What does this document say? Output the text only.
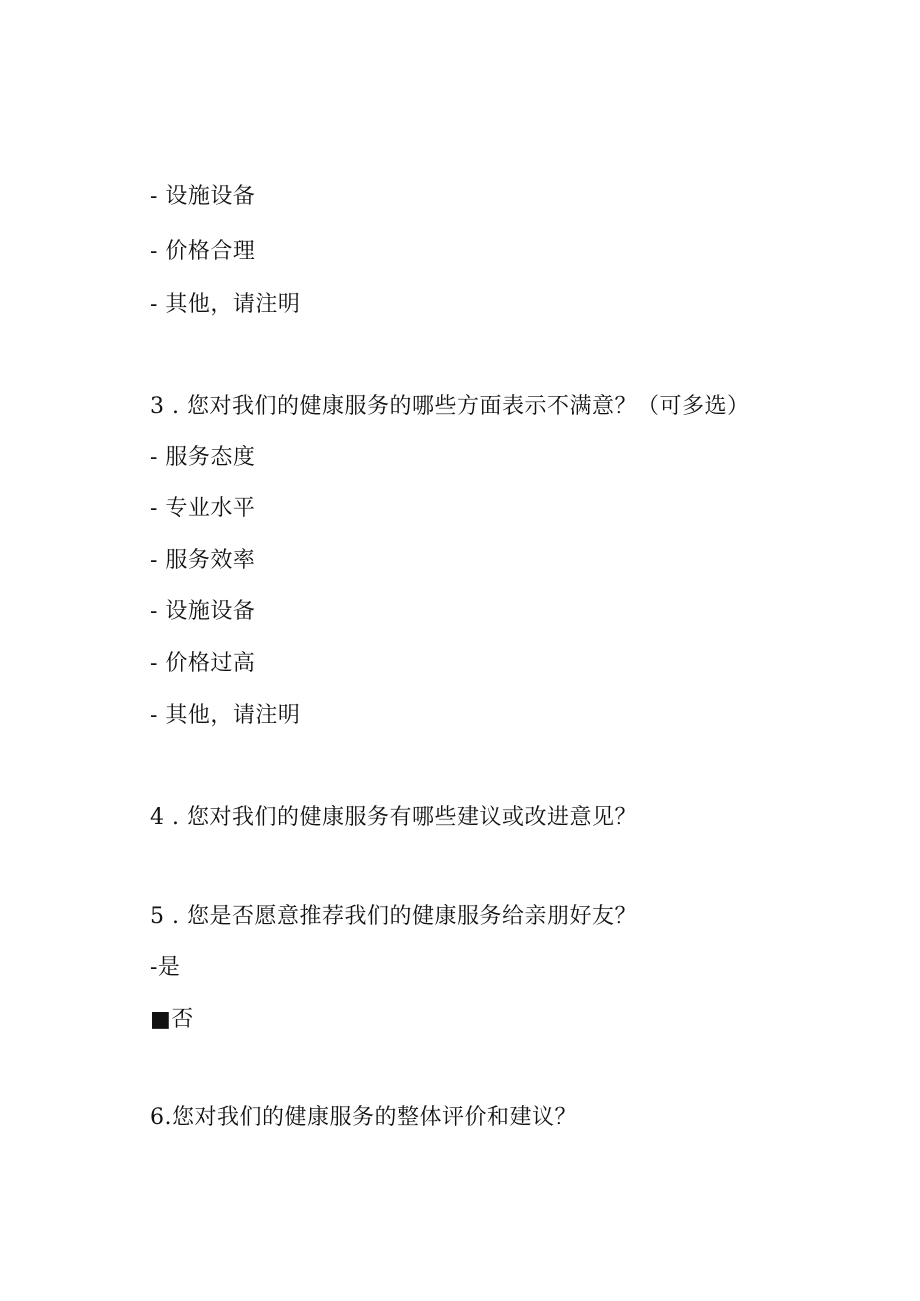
- 设施设备
- 价格合理
- 其他，请注明
3 . 您对我们的健康服务的哪些方面表示不满意？（可多选）
- 服务态度
- 专业水平
- 服务效率
- 设施设备
- 价格过高
- 其他，请注明
4 . 您对我们的健康服务有哪些建议或改进意见？
5 . 您是否愿意推荐我们的健康服务给亲朋好友？
-是
■否
6.您对我们的健康服务的整体评价和建议？
